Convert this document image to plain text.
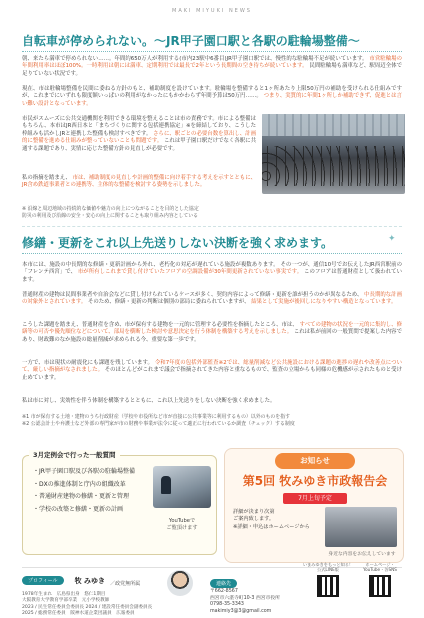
MAKI MIYUKI NEWS
自転車が停められない。～JR甲子園口駅と各駅の駐輪場整備～
朝、来たら満車で停められない……。年間約650万人が利用する(市内23駅中6番目)JR甲子園口駅では、慢性的な駐輪場不足が続いています。 市営駐輪場の年間利用率はほぼ100%。一時利用は朝には満車、定期利用では最長で2年という長期間の空き待ちが続いています。 民間駐輪場も満車など、駅周辺全体で足りていない状況です。
現在、市は駐輪場整備を民間に委ねる方針のもと、補助制度を設けています。駐輪場を整備すると1ヶ所あたり上限50万円の補助を受けられる仕組みですが、これまでにいずれも限度額いっぱいの利用がなかったにもかかわらず年間予算は50万円……。 つまり、実質的に年間1ヶ所しか補助できず、促進とは言い難い設計となっています。
市民がスムーズに公共交通機関を利用できる環境を整えることは市の責務です。市による整備はもちろん、本市はJR西日本と「まちづくりに関する包括連携協定」※を締結しており、こうした枠組みも活かしJRと連携した整備も検討すべきです。 さらに、駅ごとの必要台数を算出し、計画的に整備を進める仕組みが整っていないことも問題です。 これは甲子園口駅だけでなく各駅に共通する課題であり、実情に応じた整備方針の見直しが必要です。
私の指摘を踏まえ、 市は、補助制度の見直しや計画的整備に向け着手する考えを示すとともに、JR含め鉄道事業者との連携等、主体的な整備を検討する姿勢を示しました。
※ 沿線と周辺地域の持続的な価値や魅力の向上につながることを目的とした協定
防災の利用及び沿線の安全・安心の向上に関することも取り組み内容としている
修繕・更新をこれ以上先送りしない決断を強く求めます。	✦
本市には、施設の中長期的な修繕・更新計画から外れ、老朽化の対応が遅れている施設が複数あります。 その一つが、通信10号でお伝えしたJR西宮駅前の「フレンテ西宮」で、 市が所有しこれまで貸し付けていたフロアの空調設備が30年間更新されていない事実です。 このフロアは普通財産として扱われています。
普通財産の建物は民間事業者や自治会などに貸し付けられているケースが多く、契約内容によって修繕・更新を誰が担うのかが異なるため、 中長期的な計画の対象外とされています。 そのため、修繕・更新の判断は個別の部局に委ねられていますが、 結果として実施が後回しになりやすい構造となっています。
こうした課題を踏まえ、普通財産を含め、市が保有する建物を一元的に管理する必要性を指摘したところ、市は、 すべての建物の状況を一元的に集約し、修繕等の可否や優先順位などについて、部局を横断した検討や意思決定を行う体制を構築する考えを示しました。 これは私が前回の一般質問で提案した内容であり、財政難のなか施設の総量削減が求められる今、重要な第一歩です。
一方で、市は現状の耐震化にも課題を残しています。 令和7年度の包括外部監査※2では、総量削減など公共施設における課題の進捗の遅れや改善点について、厳しい指摘がなされました。 そのほとんどがこれまで議会で指摘されてきた内容と重なるもので、監査の立場からも同様の危機感が示されたものと受け止めています。
私は市に対し、実効性を伴う体制を構築するとともに、これ以上先送りをしない決断を強く求めました。
※1 市が保有する土地・建物のうち行政財産（学校や市役所など市が直接に公共事業等に利用するもの）以外のものを指す
※2 公認会計士や弁護士など外部の専門家が市の財務や事業が法令に従って適正に行われているか調査（チェック）する制度
3月定例会で行った一般質問
・JR甲子園口駅及び各駅の駐輪場整備
・DXの推進体制と庁内の組織改革
・普通財産建物の修繕・更新と管理
・学校の改築と修繕・更新の計画
YouTubeで
ご覧頂けます
お知らせ
第5回 牧みゆき市政報告会
7月上旬予定
詳細が決まり次第
ご案内致します。
※詳細・申込はホームページから
身近な内容をお伝えしています
プロフィール 牧 みゆき ／政党無所属
1978年生まれ　広島県出身　悠仁1期目
大阪教育大学教育学部卒業　元小学校教師
2023 / 民生常任委員会委員長 2024 / 建設常任委員会副委員長
2025 / 総務常任委員　阪神水道企業団議員　広報委員
連絡先
〒662-8567
西宮市六湛寺町10-3 西宮市役所
0798-35-3343
makimiy3@3@gmail.com
いまみゆきをもっと知る！
公式LINE版
ホームページ・
YouTube・各SNS
